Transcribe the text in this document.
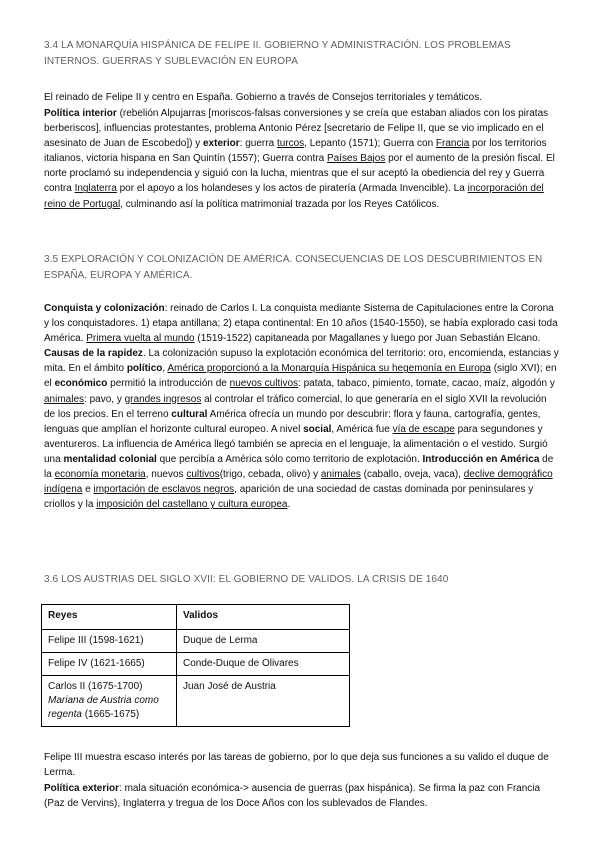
3.4 LA MONARQUÍA HISPÁNICA DE FELIPE II. GOBIERNO Y ADMINISTRACIÓN. LOS PROBLEMAS INTERNOS. GUERRAS Y SUBLEVACIÓN EN EUROPA

El reinado de Felipe II y centro en España. Gobierno a través de Consejos territoriales y temáticos.

Política interior (rebelión Alpujarras [moriscos-falsas conversiones y se creía que estaban aliados con los piratas berberiscos], influencias protestantes, problema Antonio Pérez [secretario de Felipe II, que se vio implicado en el asesinato de Juan de Escobedo]) y exterior: guerra turcos, Lepanto (1571); Guerra con Francia por los territorios italianos, victoria hispana en San Quintín (1557); Guerra contra Países Bajos por el aumento de la presión fiscal. El norte proclamó su independencia y siguió con la lucha, mientras que el sur aceptó la obediencia del rey y Guerra contra Inglaterra por el apoyo a los holandeses y los actos de piratería (Armada Invencible). La incorporación del reino de Portugal, culminando así la política matrimonial trazada por los Reyes Católicos.

3.5 EXPLORACIÓN Y COLONIZACIÓN DE AMÉRICA. CONSECUENCIAS DE LOS DESCUBRIMIENTOS EN ESPAÑA, EUROPA Y AMÉRICA.

Conquista y colonización: reinado de Carlos I. La conquista mediante Sistema de Capitulaciones entre la Corona y los conquistadores. 1) etapa antillana; 2) etapa continental: En 10 años (1540-1550), se había explorado casi toda América. Primera vuelta al mundo (1519-1522) capitaneada por Magallanes y luego por Juan Sebastián Elcano. Causas de la rapidez. La colonización supuso la explotación económica del territorio: oro, encomienda, estancias y mita. En el ámbito político, América proporcionó a la Monarquía Hispánica su hegemonía en Europa (siglo XVI); en el económico permitió la introducción de nuevos cultivos: patata, tabaco, pimiento, tomate, cacao, maíz, algodón y animales: pavo, y grandes ingresos al controlar el tráfico comercial, lo que generaría en el siglo XVII la revolución de los precios. En el terreno cultural América ofrecía un mundo por descubrir: flora y fauna, cartografía, gentes, lenguas que amplían el horizonte cultural europeo. A nivel social, América fue vía de escape para segundones y aventureros. La influencia de América llegó también se aprecia en el lenguaje, la alimentación o el vestido. Surgió una mentalidad colonial que percibía a América sólo como territorio de explotación. Introducción en América de la economía monetaria, nuevos cultivos(trigo, cebada, olivo) y animales (caballo, oveja, vaca), declive demográfico indígena e importación de esclavos negros, aparición de una sociedad de castas dominada por peninsulares y criollos y la imposición del castellano y cultura europea.

3.6 LOS AUSTRIAS DEL SIGLO XVII: EL GOBIERNO DE VALIDOS. LA CRISIS DE 1640
Reyes	Validos
Felipe III (1598-1621)	Duque de Lerma
Felipe IV (1621-1665)	Conde-Duque de Olivares
Carlos II (1675-1700)
Mariana de Austria como regenta (1665-1675)	Juan José de Austria

Felipe III muestra escaso interés por las tareas de gobierno, por lo que deja sus funciones a su valido el duque de Lerma.

Política exterior: mala situación económica-> ausencia de guerras (pax hispánica). Se firma la paz con Francia (Paz de Vervins), Inglaterra y tregua de los Doce Años con los sublevados de Flandes.
